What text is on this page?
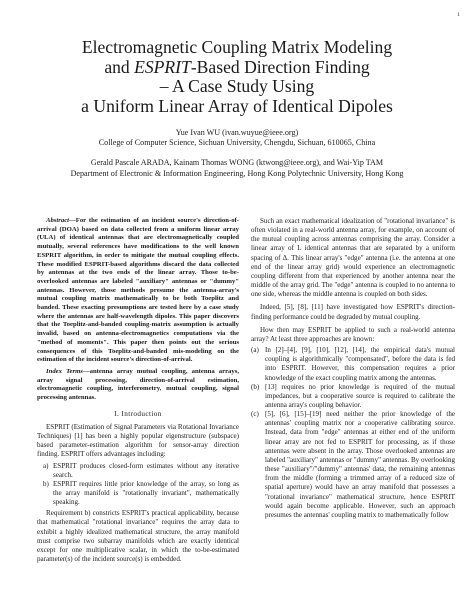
1
Electromagnetic Coupling Matrix Modeling
and ESPRIT-Based Direction Finding
– A Case Study Using
a Uniform Linear Array of Identical Dipoles
Yue Ivan WU (ivan.wuyue@ieee.org)
College of Computer Science, Sichuan University, Chengdu, Sichuan, 610065, China
Gerald Pascale ARADA, Kainam Thomas WONG (ktwong@ieee.org), and Wai-Yip TAM
Department of Electronic & Information Engineering, Hong Kong Polytechnic University, Hong Kong

Abstract—For the estimation of an incident source's direction-of-arrival (DOA) based on data collected from a uniform linear array (ULA) of identical antennas that are electromagnetically coupled mutually, several references have modifications to the well known ESPRIT algorithm, in order to mitigate the mutual coupling effects. These modified ESPRIT-based algorithms discard the data collected by antennas at the two ends of the linear array. Those to-be-overlooked antennas are labeled "auxiliary" antennas or "dummy" antennas. However, those methods presume the antenna-array's mutual coupling matrix mathematically to be both Toeplitz and banded. These exacting presumptions are tested here by a case study where the antennas are half-wavelength dipoles. This paper discovers that the Toeplitz-and-banded coupling-matrix assumption is actually invalid, based on antenna-electromagnetics computations via the "method of moments". This paper then points out the serious consequences of this Toeplitz-and-banded mis-modeling on the estimation of the incident source's direction-of-arrival.

Index Terms—antenna array mutual coupling, antenna arrays, array signal processing, direction-of-arrival estimation, electromagnetic coupling, interferometry, mutual coupling, signal processing antennas.

I. Introduction

ESPRIT (Estimation of Signal Parameters via Rotational Invariance Techniques) [1] has been a highly popular eigenstructure (subspace) based parameter-estimation algorithm for sensor-array direction finding. ESPRIT offers advantages including:

a) ESPRIT produces closed-form estimates without any iterative search.
b) ESPRIT requires little prior knowledge of the array, so long as the array manifold is "rotationally invariant", mathematically speaking.

Requirement b) constricts ESPRIT's practical applicability, because that mathematical "rotational invariance" requires the array data to exhibit a highly idealized mathematical structure, the array manifold must comprise two subarray manifolds which are exactly identical except for one multiplicative scalar, in which the to-be-estimated parameter(s) of the incident source(s) is embedded.

Such an exact mathematical idealization of "rotational invariance" is often violated in a real-world antenna array, for example, on account of the mutual coupling across antennas comprising the array. Consider a linear array of L identical antennas that are separated by a uniform spacing of Δ. This linear array's "edge" antenna (i.e. the antenna at one end of the linear array grid) would experience an electromagnetic coupling different from that experienced by another antenna near the middle of the array grid. The "edge" antenna is coupled to no antenna to one side, whereas the middle antenna is coupled on both sides.

Indeed, [5], [8], [11] have investigated how ESPRIT's direction-finding performance could be degraded by mutual coupling.

How then may ESPRIT be applied to such a real-world antenna array? At least three approaches are known:

(a) In [2]–[4], [9], [10], [12], [14], the empirical data's mutual coupling is algorithmically "compensated", before the data is fed into ESPRIT. However, this compensation requires a prior knowledge of the exact coupling matrix among the antennas.
(b) [13] requires no prior knowledge is required of the mutual impedances, but a cooperative source is required to calibrate the antenna array's coupling behavior.
(c) [5], [6], [15]–[19] need neither the prior knowledge of the antennas' coupling matrix nor a cooperative calibrating source. Instead, data from "edge" antennas at either end of the uniform linear array are not fed to ESPRIT for processing, as if those antennas were absent in the array. Those overlooked antennas are labeled "auxiliary" antennas or "dummy" antennas. By overlooking these "auxiliary"/"dummy" antennas' data, the remaining antennas from the middle (forming a trimmed array of a reduced size of spatial aperture) would have an array manifold that possesses a "rotational invariance" mathematical structure, hence ESPRIT would again become applicable. However, such an approach presumes the antennas' coupling matrix to mathematically follow
